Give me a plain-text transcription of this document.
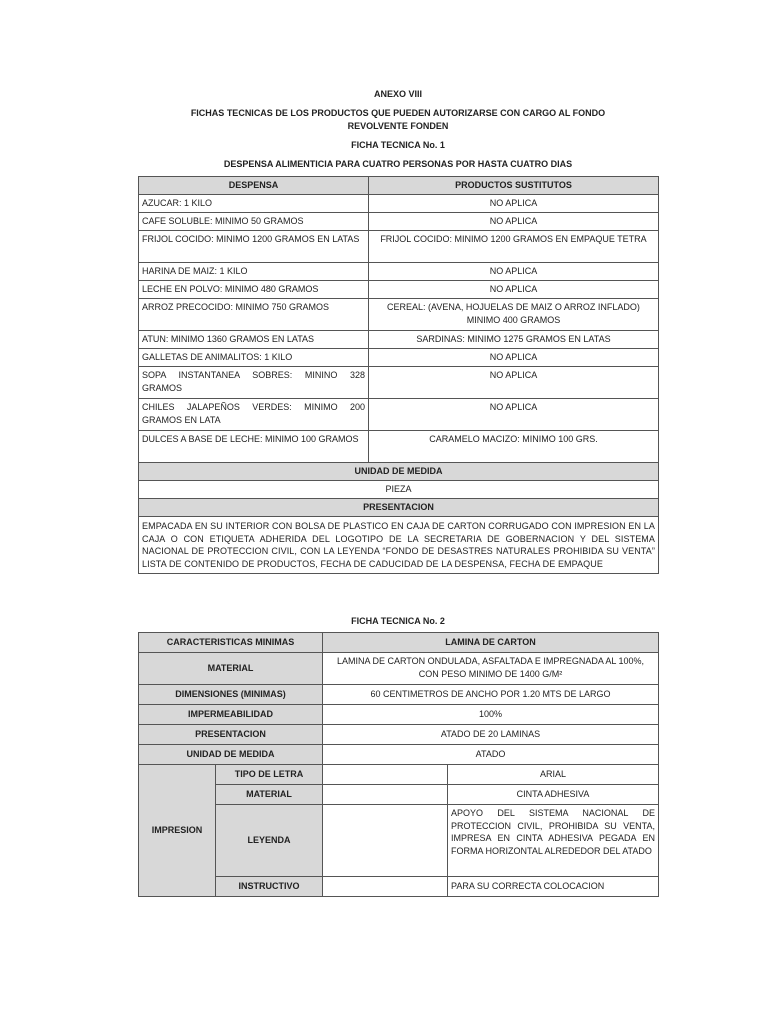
ANEXO VIII
FICHAS TECNICAS DE LOS PRODUCTOS QUE PUEDEN AUTORIZARSE CON CARGO AL FONDO
REVOLVENTE FONDEN
FICHA TECNICA No. 1
DESPENSA ALIMENTICIA PARA CUATRO PERSONAS POR HASTA CUATRO DIAS
DESPENSA	PRODUCTOS SUSTITUTOS
AZUCAR: 1 KILO	NO APLICA
CAFE SOLUBLE: MINIMO 50 GRAMOS	NO APLICA
FRIJOL COCIDO: MINIMO 1200 GRAMOS EN LATAS	FRIJOL COCIDO: MINIMO 1200 GRAMOS EN EMPAQUE TETRA
HARINA DE MAIZ: 1 KILO	NO APLICA
LECHE EN POLVO: MINIMO 480 GRAMOS	NO APLICA
ARROZ PRECOCIDO: MINIMO 750 GRAMOS	CEREAL: (AVENA, HOJUELAS DE MAIZ O ARROZ INFLADO) MINIMO 400 GRAMOS
ATUN: MINIMO 1360 GRAMOS EN LATAS	SARDINAS: MINIMO 1275 GRAMOS EN LATAS
GALLETAS DE ANIMALITOS: 1 KILO	NO APLICA
SOPA INSTANTANEA SOBRES: MININO 328 GRAMOS	NO APLICA
CHILES JALAPEÑOS VERDES: MINIMO 200 GRAMOS EN LATA	NO APLICA
DULCES A BASE DE LECHE: MINIMO 100 GRAMOS	CARAMELO MACIZO: MINIMO 100 GRS.
UNIDAD DE MEDIDA	
PIEZA	
PRESENTACION	
EMPACADA EN SU INTERIOR CON BOLSA DE PLASTICO EN CAJA DE CARTON CORRUGADO CON IMPRESION EN LA CAJA O CON ETIQUETA ADHERIDA DEL LOGOTIPO DE LA SECRETARIA DE GOBERNACION Y DEL SISTEMA NACIONAL DE PROTECCION CIVIL, CON LA LEYENDA “FONDO DE DESASTRES NATURALES PROHIBIDA SU VENTA” LISTA DE CONTENIDO DE PRODUCTOS, FECHA DE CADUCIDAD DE LA DESPENSA, FECHA DE EMPAQUE	
FICHA TECNICA No. 2
CARACTERISTICAS MINIMAS		LAMINA DE CARTON	
MATERIAL		LAMINA DE CARTON ONDULADA, ASFALTADA E IMPREGNADA AL 100%, CON PESO MINIMO DE 1400 G/M²	
DIMENSIONES (MINIMAS)		60 CENTIMETROS DE ANCHO POR 1.20 MTS DE LARGO	
IMPERMEABILIDAD		100%	
PRESENTACION		ATADO DE 20 LAMINAS	
UNIDAD DE MEDIDA		ATADO	
IMPRESION	TIPO DE LETRA		ARIAL
	MATERIAL		CINTA ADHESIVA
	LEYENDA		APOYO DEL SISTEMA NACIONAL DE PROTECCION CIVIL, PROHIBIDA SU VENTA, IMPRESA EN CINTA ADHESIVA PEGADA EN FORMA HORIZONTAL ALREDEDOR DEL ATADO
	INSTRUCTIVO		PARA SU CORRECTA COLOCACION
